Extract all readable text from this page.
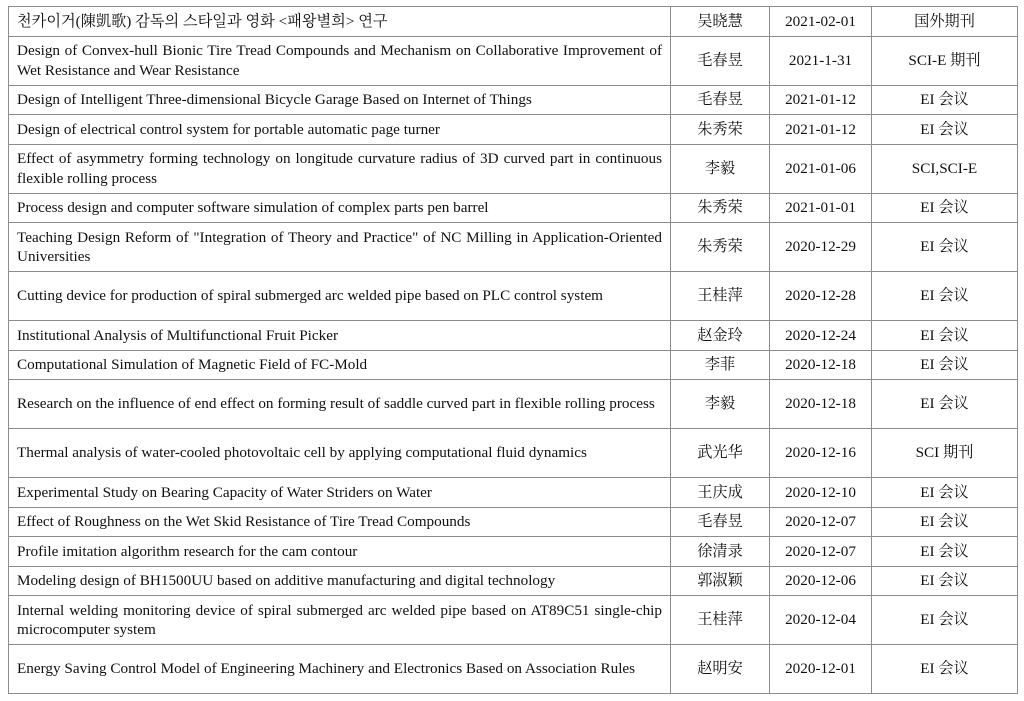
천카이거(陳凱歌) 감독의 스타일과 영화 <패왕별희> 연구	吴晓慧	2021-02-01	国外期刊
Design of Convex-hull Bionic Tire Tread Compounds and Mechanism on Collaborative Improvement of Wet Resistance and Wear Resistance	毛春昱	2021-1-31	SCI-E 期刊
Design of Intelligent Three-dimensional Bicycle Garage Based on Internet of Things	毛春昱	2021-01-12	EI 会议
Design of electrical control system for portable automatic page turner	朱秀荣	2021-01-12	EI 会议
Effect of asymmetry forming technology on longitude curvature radius of 3D curved part in continuous flexible rolling process	李毅	2021-01-06	SCI,SCI-E
Process design and computer software simulation of complex parts pen barrel	朱秀荣	2021-01-01	EI 会议
Teaching Design Reform of "Integration of Theory and Practice" of NC Milling in Application-Oriented Universities	朱秀荣	2020-12-29	EI 会议
Cutting device for production of spiral submerged arc welded pipe based on PLC control system	王桂萍	2020-12-28	EI 会议
Institutional Analysis of Multifunctional Fruit Picker	赵金玲	2020-12-24	EI 会议
Computational Simulation of Magnetic Field of FC-Mold	李菲	2020-12-18	EI 会议
Research on the influence of end effect on forming result of saddle curved part in flexible rolling process	李毅	2020-12-18	EI 会议
Thermal analysis of water-cooled photovoltaic cell by applying computational fluid dynamics	武光华	2020-12-16	SCI 期刊
Experimental Study on Bearing Capacity of Water Striders on Water	王庆成	2020-12-10	EI 会议
Effect of Roughness on the Wet Skid Resistance of Tire Tread Compounds	毛春昱	2020-12-07	EI 会议
Profile imitation algorithm research for the cam contour	徐清录	2020-12-07	EI 会议
Modeling design of BH1500UU based on additive manufacturing and digital technology	郭淑颖	2020-12-06	EI 会议
Internal welding monitoring device of spiral submerged arc welded pipe based on AT89C51 single-chip microcomputer system	王桂萍	2020-12-04	EI 会议
Energy Saving Control Model of Engineering Machinery and Electronics Based on Association Rules	赵明安	2020-12-01	EI 会议
